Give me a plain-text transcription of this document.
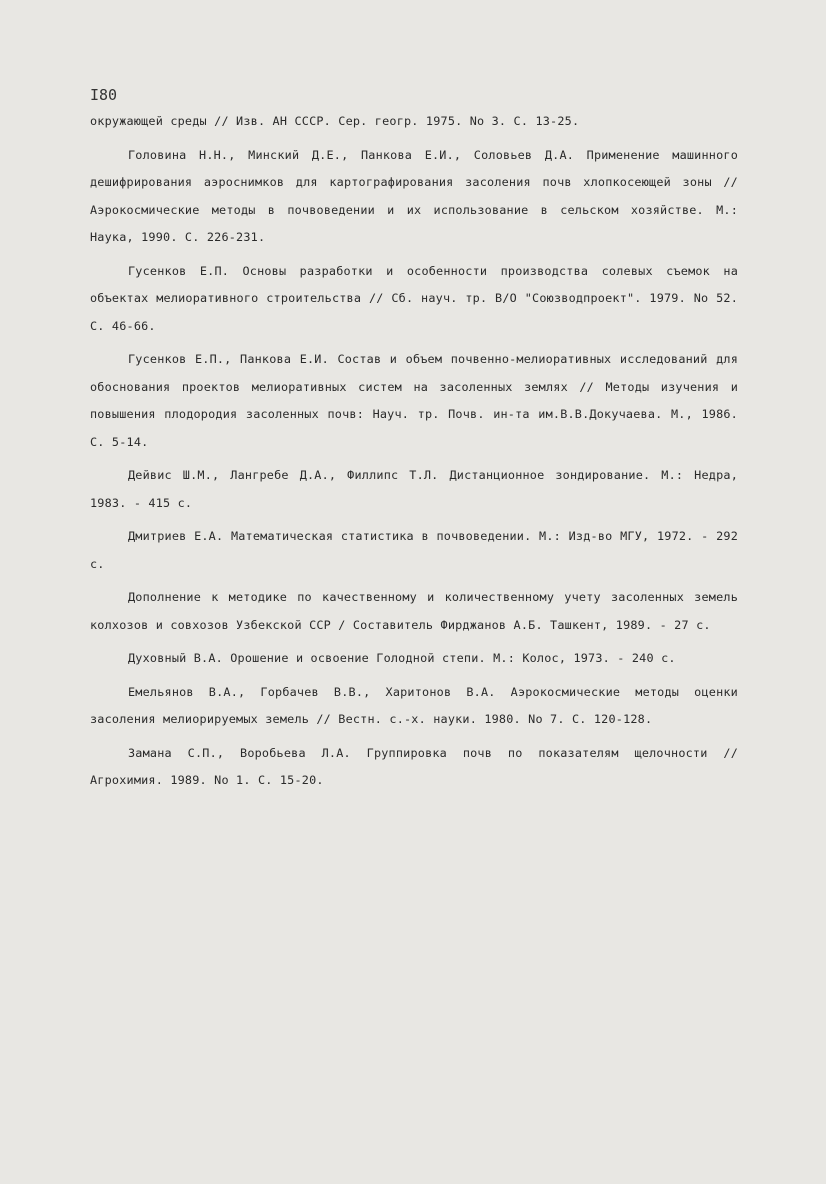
I80

окружающей среды // Изв. АН СССР. Сер. геогр. 1975. No 3. С. 13-25.

Головина Н.Н., Минский Д.Е., Панкова Е.И., Соловьев Д.А. Применение машинного дешифрирования аэроснимков для картографирования засоления почв хлопкосеющей зоны // Аэрокосмические методы в почвоведении и их использование в сельском хозяйстве. М.: Наука, 1990. С. 226-231.

Гусенков Е.П. Основы разработки и особенности производства солевых съемок на объектах мелиоративного строительства // Сб. науч. тр. В/О "Союзводпроект". 1979. No 52. С. 46-66.

Гусенков Е.П., Панкова Е.И. Состав и объем почвенно-мелиоративных исследований для обоснования проектов мелиоративных систем на засоленных землях // Методы изучения и повышения плодородия засоленных почв: Науч. тр. Почв. ин-та им.В.В.Докучаева. М., 1986. С. 5-14.

Дейвис Ш.М., Лангребе Д.А., Филлипс Т.Л. Дистанционное зондирование. М.: Недра, 1983. - 415 с.

Дмитриев Е.А. Математическая статистика в почвоведении. М.: Изд-во МГУ, 1972. - 292 с.

Дополнение к методике по качественному и количественному учету засоленных земель колхозов и совхозов Узбекской ССР / Составитель Фирджанов А.Б. Ташкент, 1989. - 27 с.

Духовный В.А. Орошение и освоение Голодной степи. М.: Колос, 1973. - 240 с.

Емельянов В.А., Горбачев В.В., Харитонов В.А. Аэрокосмические методы оценки засоления мелиорируемых земель // Вестн. с.-х. науки. 1980. No 7. С. 120-128.

Замана С.П., Воробьева Л.А. Группировка почв по показателям щелочности // Агрохимия. 1989. No 1. С. 15-20.
